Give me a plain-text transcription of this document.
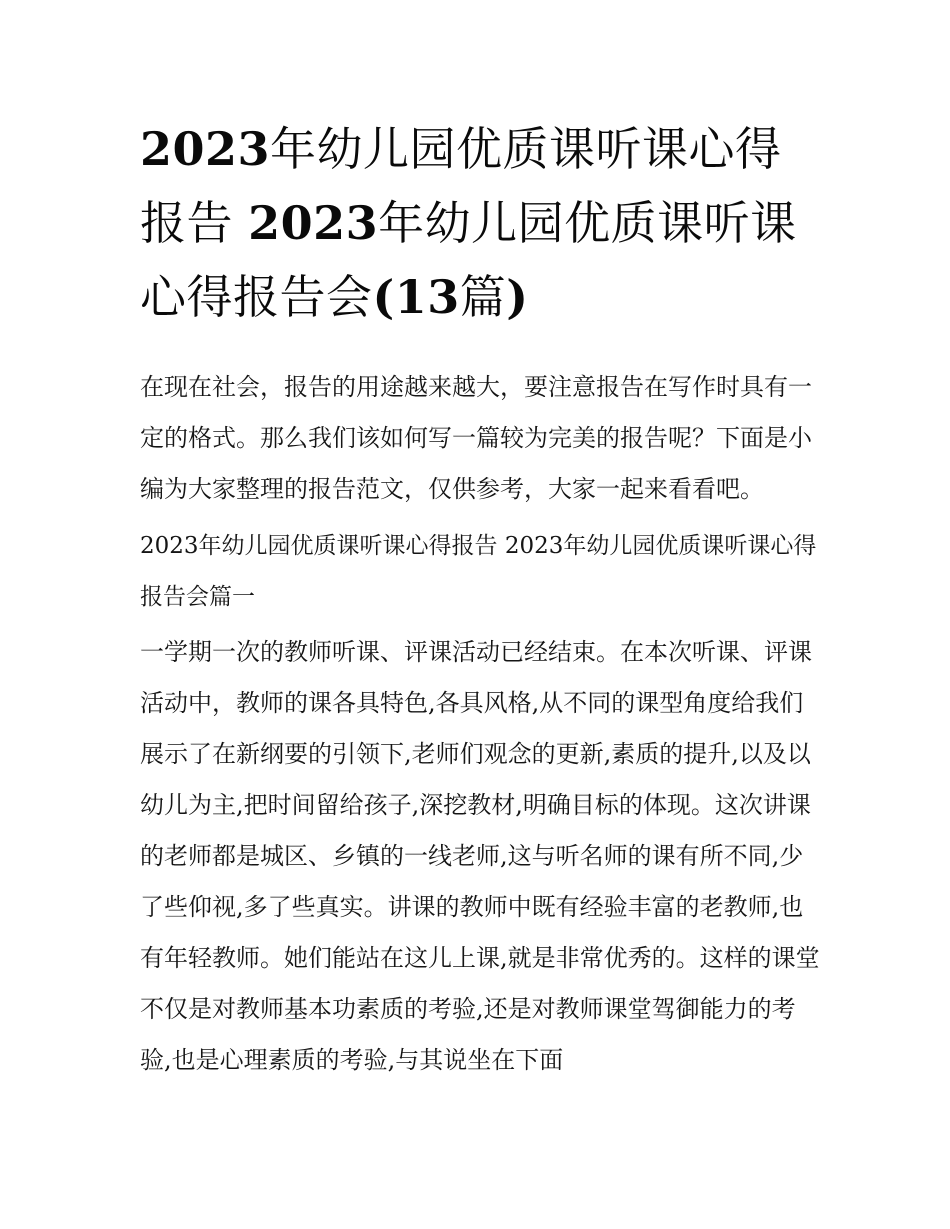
2023年幼儿园优质课听课心得报告 2023年幼儿园优质课听课心得报告会(13篇)

在现在社会，报告的用途越来越大，要注意报告在写作时具有一定的格式。那么我们该如何写一篇较为完美的报告呢？下面是小编为大家整理的报告范文，仅供参考，大家一起来看看吧。

2023年幼儿园优质课听课心得报告 2023年幼儿园优质课听课心得报告会篇一

一学期一次的教师听课、评课活动已经结束。在本次听课、评课活动中，教师的课各具特色,各具风格,从不同的课型角度给我们展示了在新纲要的引领下,老师们观念的更新,素质的提升,以及以幼儿为主,把时间留给孩子,深挖教材,明确目标的体现。这次讲课的老师都是城区、乡镇的一线老师,这与听名师的课有所不同,少了些仰视,多了些真实。讲课的教师中既有经验丰富的老教师,也有年轻教师。她们能站在这儿上课,就是非常优秀的。这样的课堂不仅是对教师基本功素质的考验,还是对教师课堂驾御能力的考验,也是心理素质的考验,与其说坐在下面
